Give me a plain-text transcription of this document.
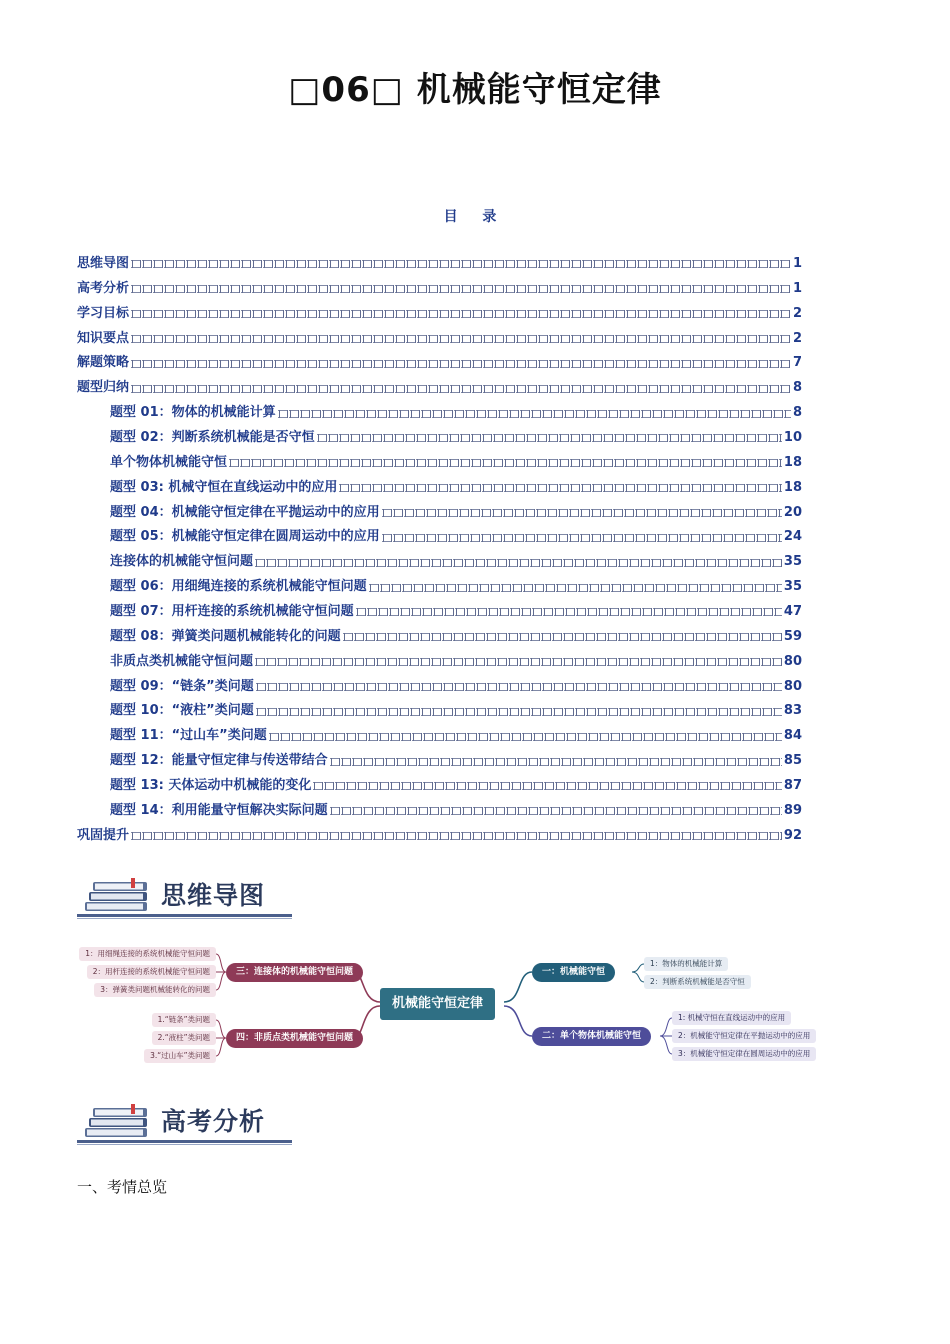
□06□ 机械能守恒定律
目 录
思维导图	1
高考分析	1
学习目标	2
知识要点	2
解题策略	7
题型归纳	8
题型 01：物体的机械能计算	8
题型 02：判断系统机械能是否守恒	10
单个物体机械能守恒	18
题型 03: 机械守恒在直线运动中的应用	18
题型 04：机械能守恒定律在平抛运动中的应用	20
题型 05：机械能守恒定律在圆周运动中的应用	24
连接体的机械能守恒问题	35
题型 06：用细绳连接的系统机械能守恒问题	35
题型 07：用杆连接的系统机械能守恒问题	47
题型 08：弹簧类问题机械能转化的问题	59
非质点类机械能守恒问题	80
题型 09：“链条”类问题	80
题型 10：“液柱”类问题	83
题型 11：“过山车”类问题	84
题型 12：能量守恒定律与传送带结合	85
题型 13: 天体运动中机械能的变化	87
题型 14：利用能量守恒解决实际问题	89
巩固提升	92
思维导图
机械能守恒定律
一：机械能守恒
1：物体的机械能计算
2：判断系统机械能是否守恒
二：单个物体机械能守恒
1: 机械守恒在直线运动中的应用
2：机械能守恒定律在平抛运动中的应用
3：机械能守恒定律在圆周运动中的应用
三：连接体的机械能守恒问题
1：用细绳连接的系统机械能守恒问题
2：用杆连接的系统机械能守恒问题
3：弹簧类问题机械能转化的问题
四：非质点类机械能守恒问题
1.“链条”类问题
2.“液柱”类问题
3.“过山车”类问题
高考分析
一、考情总览
